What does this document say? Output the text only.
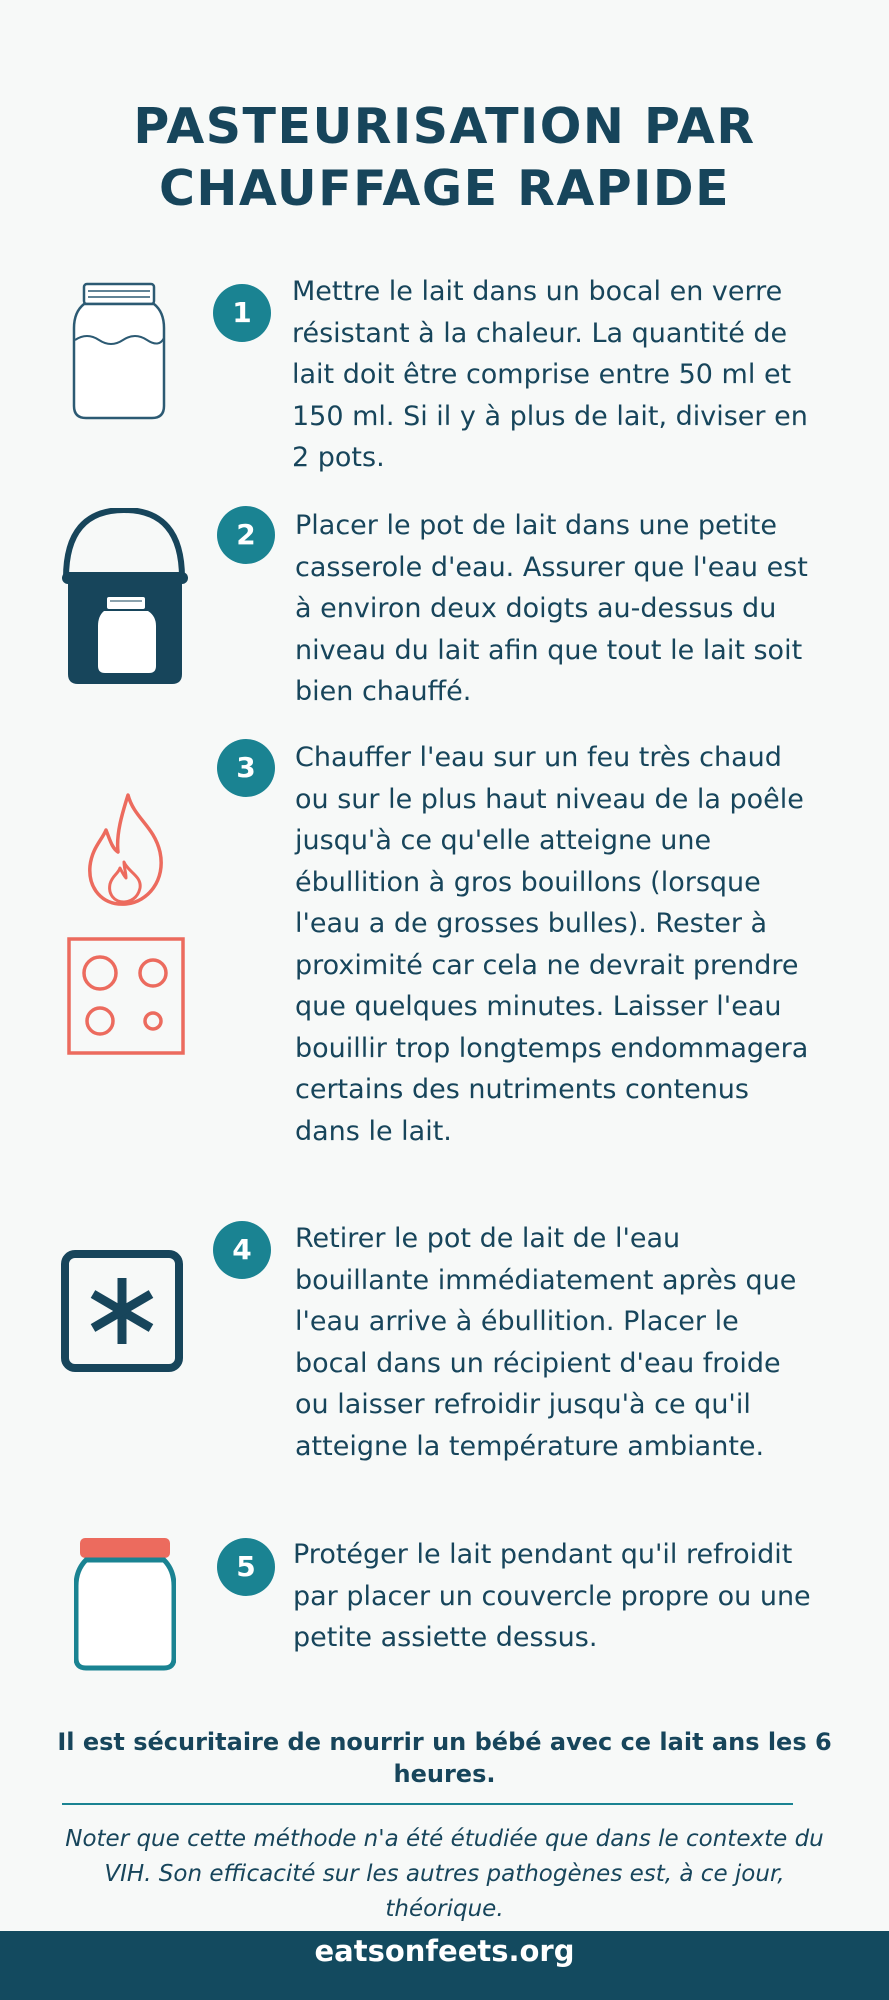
PASTEURISATION PAR CHAUFFAGE RAPIDE
1

Mettre le lait dans un bocal en verre résistant à la chaleur. La quantité de lait doit être comprise entre 50 ml et 150 ml. Si il y à plus de lait, diviser en 2 pots.

2	Placer le pot de lait dans une petite casserole d'eau. Assurer que l'eau est à environ deux doigts au-dessus du niveau du lait afin que tout le lait soit bien chauffé.

3	Chauffer l'eau sur un feu très chaud ou sur le plus haut niveau de la poêle jusqu'à ce qu'elle atteigne une ébullition à gros bouillons (lorsque l'eau a de grosses bulles). Rester à proximité car cela ne devrait prendre que quelques minutes. Laisser l'eau bouillir trop longtemps endommagera certains des nutriments contenus dans le lait.

4	Retirer le pot de lait de l'eau bouillante immédiatement après que l'eau arrive à ébullition. Placer le bocal dans un récipient d'eau froide ou laisser refroidir jusqu'à ce qu'il atteigne la température ambiante.

5	Protéger le lait pendant qu'il refroidit par placer un couvercle propre ou une petite assiette dessus.

Il est sécuritaire de nourrir un bébé avec ce lait ans les 6 heures.

Noter que cette méthode n'a été étudiée que dans le contexte du VIH. Son efficacité sur les autres pathogènes est, à ce jour, théorique.

eatsonfeets.org
